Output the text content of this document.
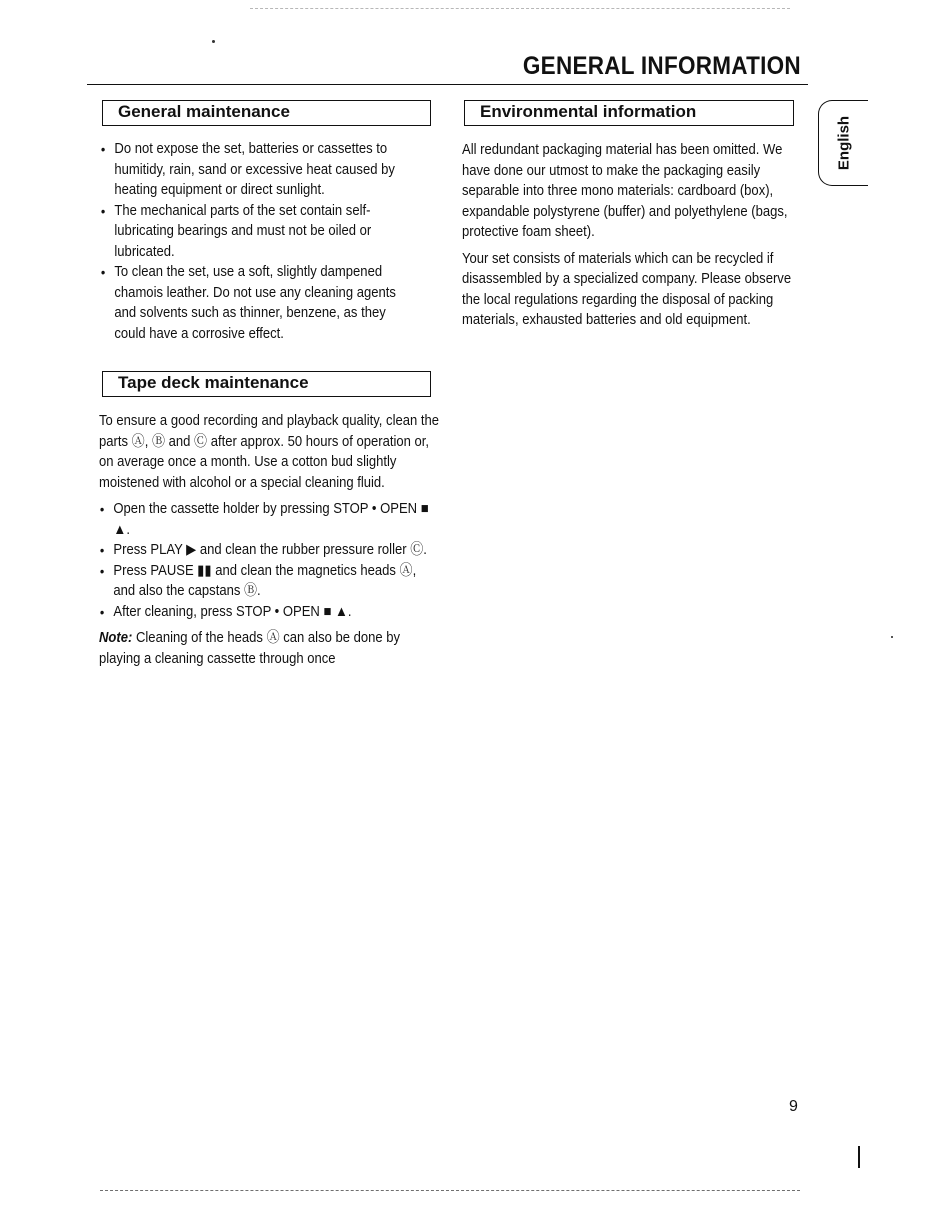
GENERAL INFORMATION
General maintenance
• Do not expose the set, batteries or cassettes to humitidy, rain, sand or excessive heat caused by heating equipment or direct sunlight.
• The mechanical parts of the set contain self-lubricating bearings and must not be oiled or lubricated.
• To clean the set, use a soft, slightly dampened chamois leather. Do not use any cleaning agents and solvents such as thinner, benzene, as they could have a corrosive effect.
Tape deck maintenance

To ensure a good recording and playback quality, clean the parts Ⓐ, Ⓑ and Ⓒ after approx. 50 hours of operation or, on average once a month. Use a cotton bud slightly moistened with alcohol or a special cleaning fluid.

• Open the cassette holder by pressing STOP • OPEN ■ ▲.
• Press PLAY ▶ and clean the rubber pressure roller Ⓒ.
• Press PAUSE ▮▮ and clean the magnetics heads Ⓐ, and also the capstans Ⓑ.
• After cleaning, press STOP • OPEN ■ ▲.

Note: Cleaning of the heads Ⓐ can also be done by playing a cleaning cassette through once

Environmental information

All redundant packaging material has been omitted. We have done our utmost to make the packaging easily separable into three mono materials: cardboard (box), expandable polystyrene (buffer) and polyethylene (bags, protective foam sheet).

Your set consists of materials which can be recycled if disassembled by a specialized company. Please observe the local regulations regarding the disposal of packing materials, exhausted batteries and old equipment.

English
9
